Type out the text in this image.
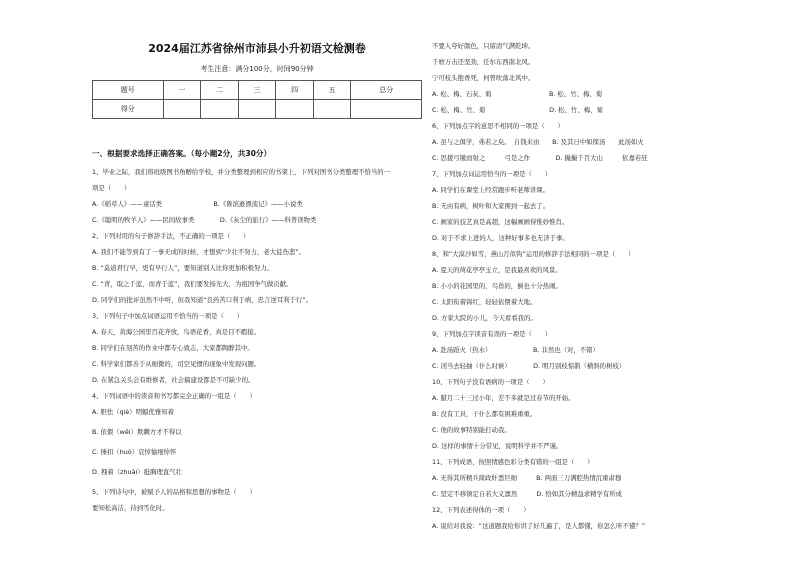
2024届江苏省徐州市沛县小升初语文检测卷
考生注意：满分100分，时间90分钟
题号	一	二	三	四	五	总分
得分						
一、根据要求选择正确答案。（每小题2分，共30分）
1、毕业之际，我们将班级图书角赠给学校，并分类整理到相应的书架上，下列对图书分类整理不恰当的一
项是（　　）
A.《稻草人》——童话类　　　　　　　　B.《鲁滨逊漂流记》——小说类
C.《聪明的牧羊人》——民间故事类　　　　D.《灰尘的旅行》——科普读物类
2、下列对用的句子修辞手法，不正确的一项是（　　）
A. 我们不能等到有了一事无成的时候，才想到“少壮不努力，老大徒伤悲”。
B. “莫道君行早，更有早行人”，要知道别人比你更加积极努力。
C. “青，取之于蓝，而青于蓝”，我们要发扬光大，为祖国争气做贡献。
D. 同学们的批评虽然不中听，但我知道“良药苦口利于病，忠言逆耳利于行”。
3、下列句子中加点词语运用不恰当的一项是（　　）
A. 春天，黄海公园里百花齐放，鸟语花香，真是目不暇接。
B. 同学们在刻苦的作业中都专心致志，大家都陶醉其中。
C. 科学家们都善于从细微的，司空见惯的现象中发现问题。
D. 在紧急关头会有维修者，社会搞建设都是不可缺少的。
4、下列词语中的读音和书写都完全正确的一组是（　　）
A. 胆怯（qiè）明媚优雅知着
B. 依偎（wēi）欺瞒方才不得以
C. 捶扣（huò）哀悼愉细悼怀
D. 拽着（zhuài）挺胸理直气壮
5、下列诗句中，被赋予人的品格和思想的事物是（　　）
要知松高洁，待到雪化时。
不要人夸好颜色，只留清气满乾坤。
千磨万击还坚劲，任尔东西南北风。
宁可枝头抱香死，何曾吹落北风中。
A. 松、梅、石灰、菊　　　　　　　　　B. 松、竹、梅、菊
C. 松、梅、竹、菊　　　　　　　　　　D. 松、竹、梅、菊
6、下列加点字的意思不相同的一项是（　　）
A. 虽与之俱学，弗若之矣。　自钱来由　　B. 及其日中如探汤　　此汤如火
C. 思援弓缴而射之　　　弓是之作　　　　D. 撮撮千百大山　　　依嘉若狂
7、下列加点词运用恰当的一项是（　　）
A. 同学们在课堂上经常跑步听老师讲课。
B. 无由有病，树叶和大家围到一起去了。
C. 画家的技艺真是高超，这幅画画得惟妙惟肖。
D. 对于不求上进的人，这种好事多也无济于事。
8、和“大漠沙如雪，燕山月似钩”运用的修辞手法相同的一项是（　　）
A. 夏天的荷花亭亭玉立，是我最喜欢的风景。
B. 小小的花园里的，鸟兽的，倒也十分热闹。
C. 太阳衔着锦红，轻轻依偎着大地。
D. 方家大院的小儿，今天看看我的。
9、下列加点字读音有误的一项是（　　）
A. 赴汤蹈火（热水）　　　　　　　B. 非然也（对，不错）
C. 闭当去轻抽（什么时候）　　　　D. 明月别枝惊鹊（横斜的树枝）
10、下列句子没有语病的一项是（　　）
A. 腊月二十三过小年，差不多就是过春节的开始。
B. 没有工具，干什么都有困难重重。
C. 他的故事特别能打动我。
D. 这样的事情十分常见，说明科学并不严谨。
11、下列成语，按照情感色彩分类有错的一组是（　　）
A. 无得其所精兵简政纤悉巨细　　　B. 两面三刀满腔热情沉重肃穆
C. 坚定不移镇定自若大义凛然　　　D. 恰如其分精益求精学有所成
12、下列表述得体的一项（　　）
A. 说给对我说：“这道题我给你讲了好几遍了，是人都懂，你怎么听不懂？”
